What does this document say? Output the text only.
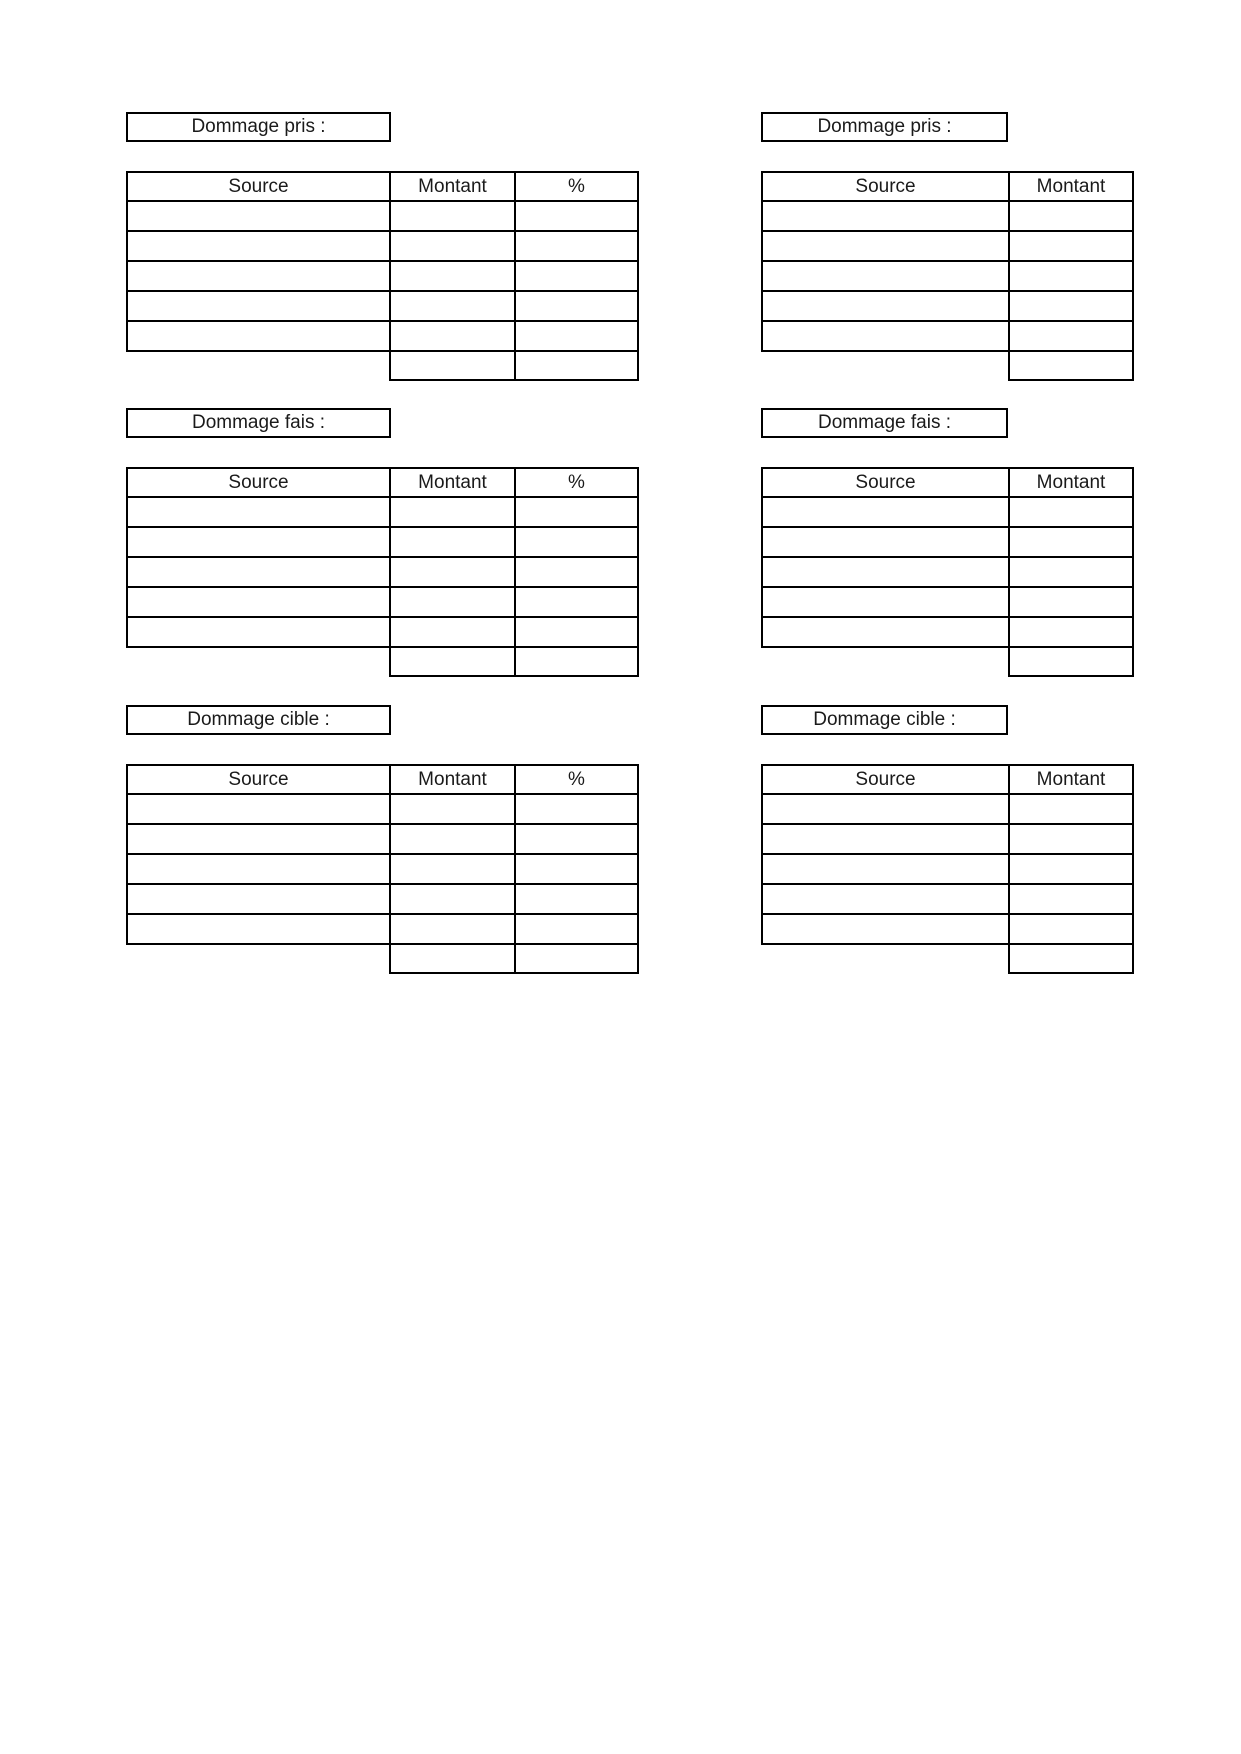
Dommage pris :
Source	Montant	%

Dommage fais :
Source	Montant	%

Dommage cible :
Source	Montant	%

Dommage pris :
Source	Montant

Dommage fais :
Source	Montant

Dommage cible :
Source	Montant
